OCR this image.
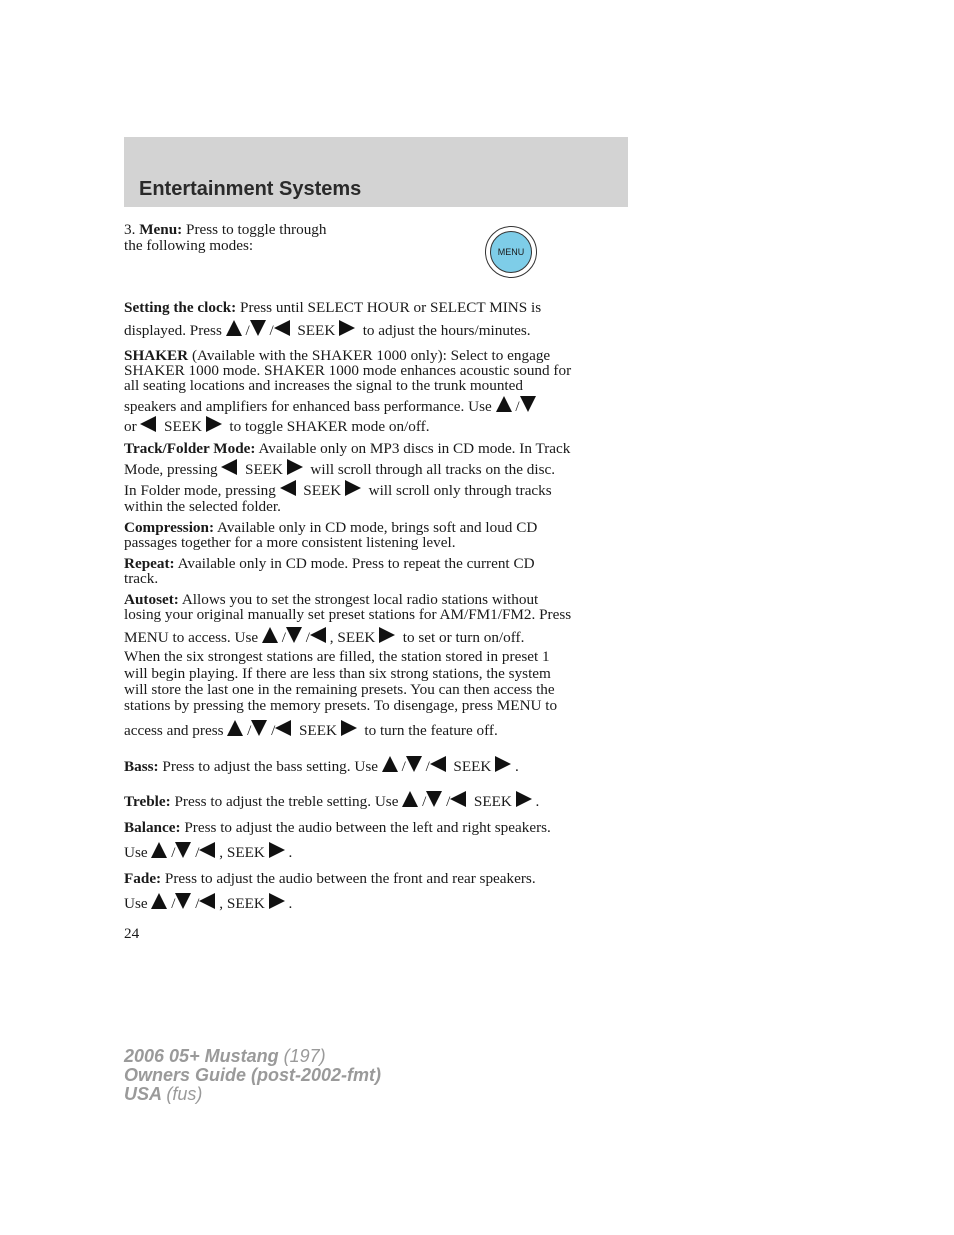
Entertainment Systems
3. Menu: Press to toggle through
the following modes:	MENU
Setting the clock: Press until SELECT HOUR or SELECT MINS is
displayed. Press / / SEEK to adjust the hours/minutes.
SHAKER (Available with the SHAKER 1000 only): Select to engage
SHAKER 1000 mode. SHAKER 1000 mode enhances acoustic sound for
all seating locations and increases the signal to the trunk mounted
speakers and amplifiers for enhanced bass performance. Use /
or SEEK to toggle SHAKER mode on/off.
Track/Folder Mode: Available only on MP3 discs in CD mode. In Track
Mode, pressing SEEK will scroll through all tracks on the disc.
In Folder mode, pressing SEEK will scroll only through tracks
within the selected folder.
Compression: Available only in CD mode, brings soft and loud CD
passages together for a more consistent listening level.
Repeat: Available only in CD mode. Press to repeat the current CD
track.
Autoset: Allows you to set the strongest local radio stations without
losing your original manually set preset stations for AM/FM1/FM2. Press
MENU to access. Use / / , SEEK to set or turn on/off.
When the six strongest stations are filled, the station stored in preset 1
will begin playing. If there are less than six strong stations, the system
will store the last one in the remaining presets. You can then access the
stations by pressing the memory presets. To disengage, press MENU to
access and press / / SEEK to turn the feature off.
Bass: Press to adjust the bass setting. Use / / SEEK .
Treble: Press to adjust the treble setting. Use / / SEEK .
Balance: Press to adjust the audio between the left and right speakers.
Use / / , SEEK .
Fade: Press to adjust the audio between the front and rear speakers.
Use / / , SEEK .
24
2006 05+ Mustang (197)
Owners Guide (post-2002-fmt)
USA (fus)
